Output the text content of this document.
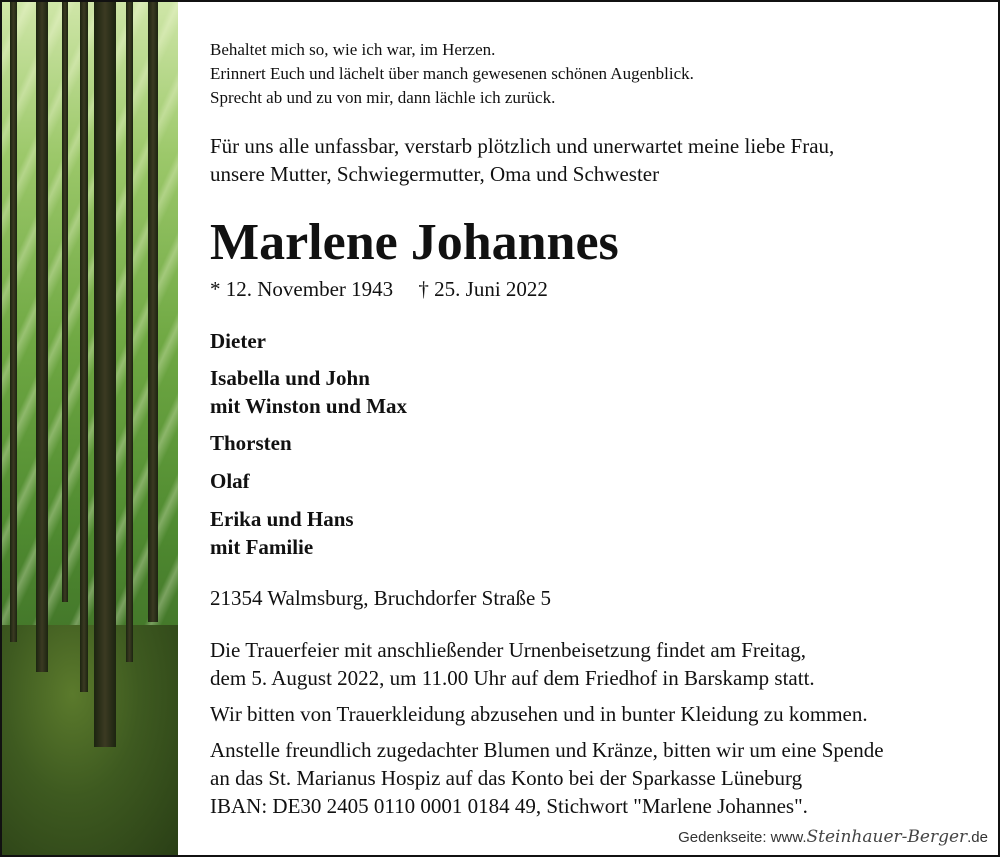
Behaltet mich so, wie ich war, im Herzen.
Erinnert Euch und lächelt über manch gewesenen schönen Augenblick.
Sprecht ab und zu von mir, dann lächle ich zurück.
Für uns alle unfassbar, verstarb plötzlich und unerwartet meine liebe Frau,
unsere Mutter, Schwiegermutter, Oma und Schwester
Marlene Johannes
* 12. November 1943 † 25. Juni 2022
Dieter
Isabella und John
mit Winston und Max
Thorsten
Olaf
Erika und Hans
mit Familie
21354 Walmsburg, Bruchdorfer Straße 5
Die Trauerfeier mit anschließender Urnenbeisetzung findet am Freitag,
dem 5. August 2022, um 11.00 Uhr auf dem Friedhof in Barskamp statt.
Wir bitten von Trauerkleidung abzusehen und in bunter Kleidung zu kommen.
Anstelle freundlich zugedachter Blumen und Kränze, bitten wir um eine Spende
an das St. Marianus Hospiz auf das Konto bei der Sparkasse Lüneburg
IBAN: DE30 2405 0110 0001 0184 49, Stichwort "Marlene Johannes".
Gedenkseite: www.Steinhauer-Berger.de
